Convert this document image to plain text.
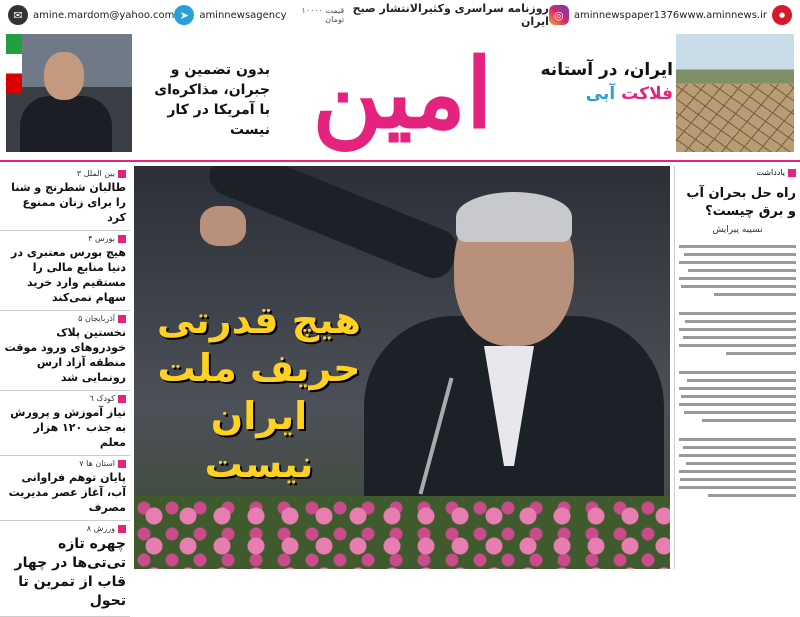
✉	amine.mardom@yahoo.com ➤	aminnewsagency	قیمت ۱۰۰۰۰ تومان
روزنامه سراسری وکثیرالانتشار صبح ایران ◎	aminnewspaper1376 www.aminnews.ir	●
بدون تضمین و جبران، مذاکره‌ای با آمریکا در کار نیست امین	ایران، در آستانه
فلاکت آبی
بین الملل ۳
طالبان شطرنج و شنا را برای زنان ممنوع کرد
بورس ۴
هیچ بورس معتبری در دنیا منابع مالی را مستقیم وارد خرید سهام نمی‌کند
آذربایجان ۵
نخستین پلاک خودروهای ورود موقت منطقه آزاد ارس رونمایی شد
کودک ٦
نیاز آموزش و پرورش به جذب ۱۲۰ هزار معلم
استان ها ۷
پایان توهم فراوانی آب، آغاز عصر مدیریت مصرف
ورزش ۸
چهره تازه تی‌تی‌ها در چهار قاب از تمرین تا تحول
هیچ قدرتی حریف ملت ایران نیست
یادداشت
راه حل بحران آب و برق چیست؟
نسیبه پیرایش
